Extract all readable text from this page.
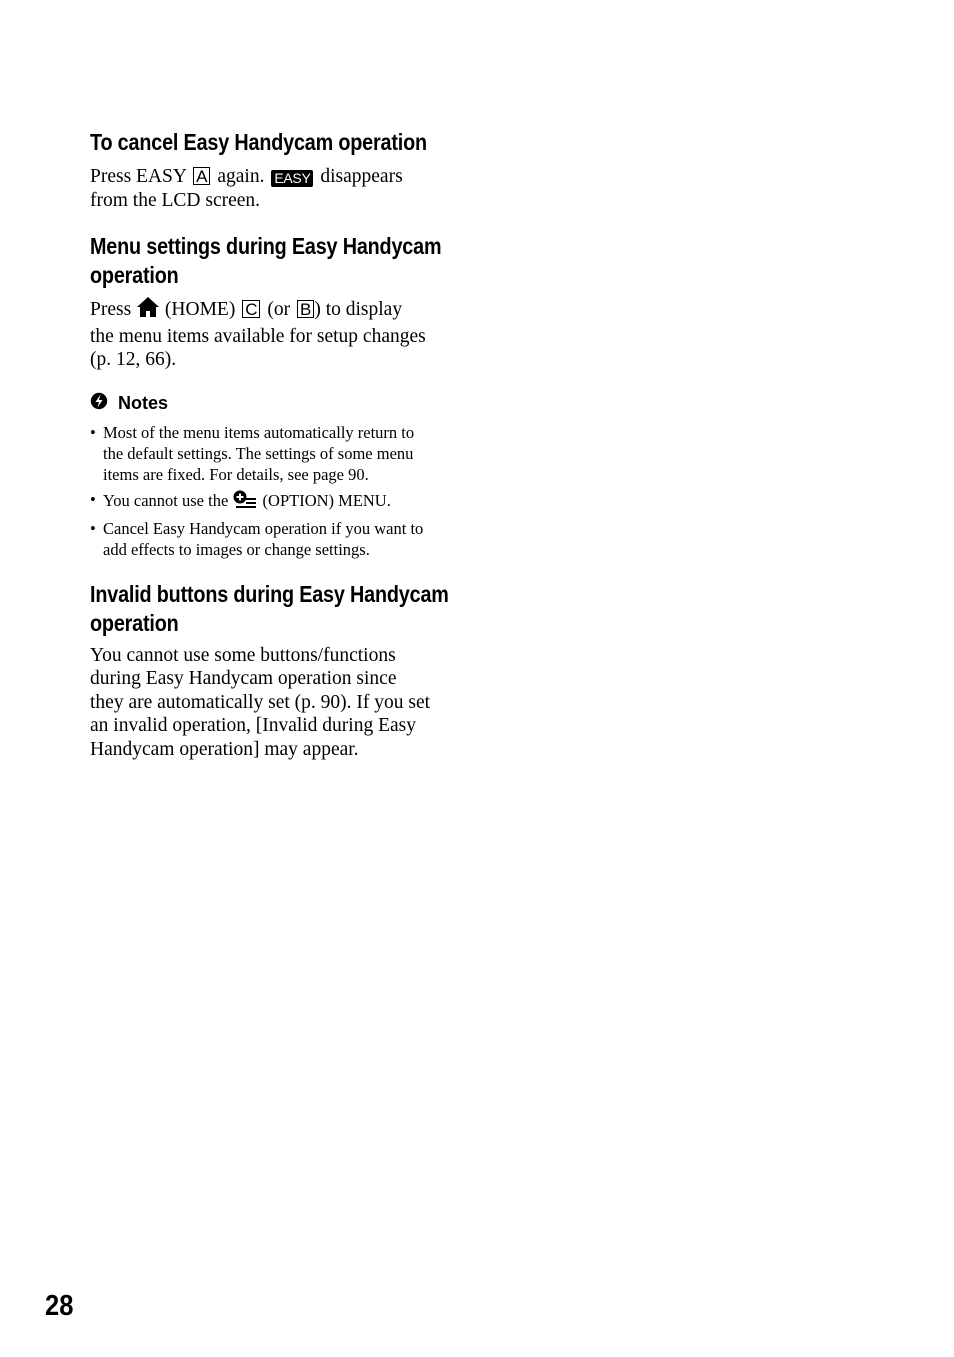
To cancel Easy Handycam operation

Press EASY A again. EASY disappears
from the LCD screen.

Menu settings during Easy Handycam
operation

Press (HOME) C (or B ) to display
the menu items available for setup changes
(p. 12, 66).

Notes
• Most of the menu items automatically return to
the default settings. The settings of some menu
items are fixed. For details, see page 90.
• You cannot use the (OPTION) MENU.
• Cancel Easy Handycam operation if you want to
add effects to images or change settings.
Invalid buttons during Easy Handycam
operation

You cannot use some buttons/functions
during Easy Handycam operation since
they are automatically set (p. 90). If you set
an invalid operation, [Invalid during Easy
Handycam operation] may appear.

28
